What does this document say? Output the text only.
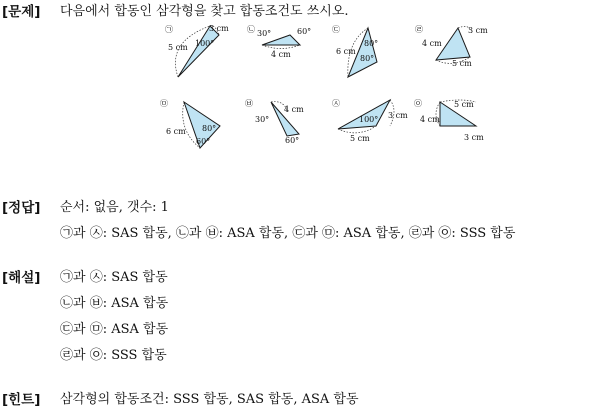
[문제] 다음에서 합동인 삼각형을 찾고 합동조건도 쓰시오.
㉠	3 cm
100°
5 cm
㉡ 30°	60°
4 cm
㉢
80°
6 cm
80°
㉣	3 cm
4 cm
5 cm
㉤
6 cm 80°
60°
㉥
4 cm
30°
60°
㉦
100° 3 cm
5 cm
㉧	5 cm
4 cm
3 cm
[정답] 순서: 없음, 갯수: 1
㉠과 ㉦: SAS 합동, ㉡과 ㉥: ASA 합동, ㉢과 ㉤: ASA 합동, ㉣과 ㉧: SSS 합동
[해설] ㉠과 ㉦: SAS 합동
㉡과 ㉥: ASA 합동
㉢과 ㉤: ASA 합동
㉣과 ㉧: SSS 합동
[힌트] 삼각형의 합동조건: SSS 합동, SAS 합동, ASA 합동
